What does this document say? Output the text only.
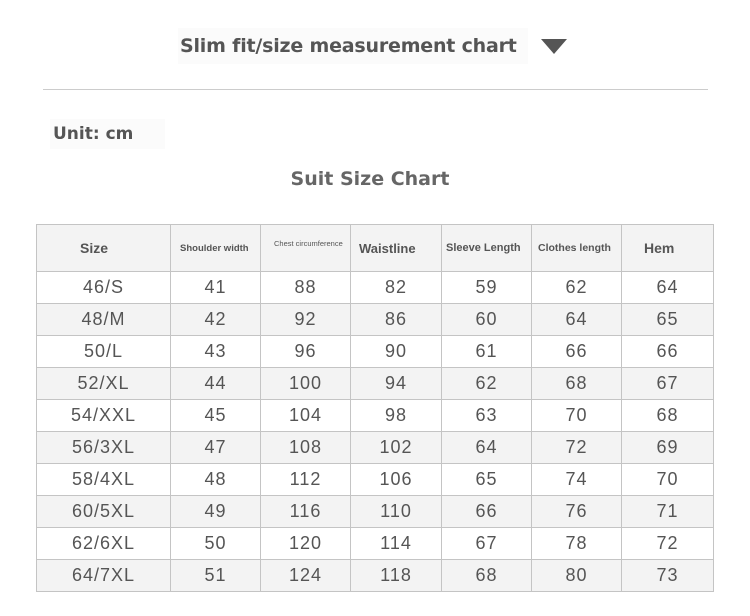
Slim fit/size measurement chart
Unit: cm
Suit Size Chart
Size	Shoulder width	Chest circumference	Waistline	Sleeve Length	Clothes length	Hem
46/S	41	88	82	59	62	64
48/M	42	92	86	60	64	65
50/L	43	96	90	61	66	66
52/XL	44	100	94	62	68	67
54/XXL	45	104	98	63	70	68
56/3XL	47	108	102	64	72	69
58/4XL	48	112	106	65	74	70
60/5XL	49	116	110	66	76	71
62/6XL	50	120	114	67	78	72
64/7XL	51	124	118	68	80	73
